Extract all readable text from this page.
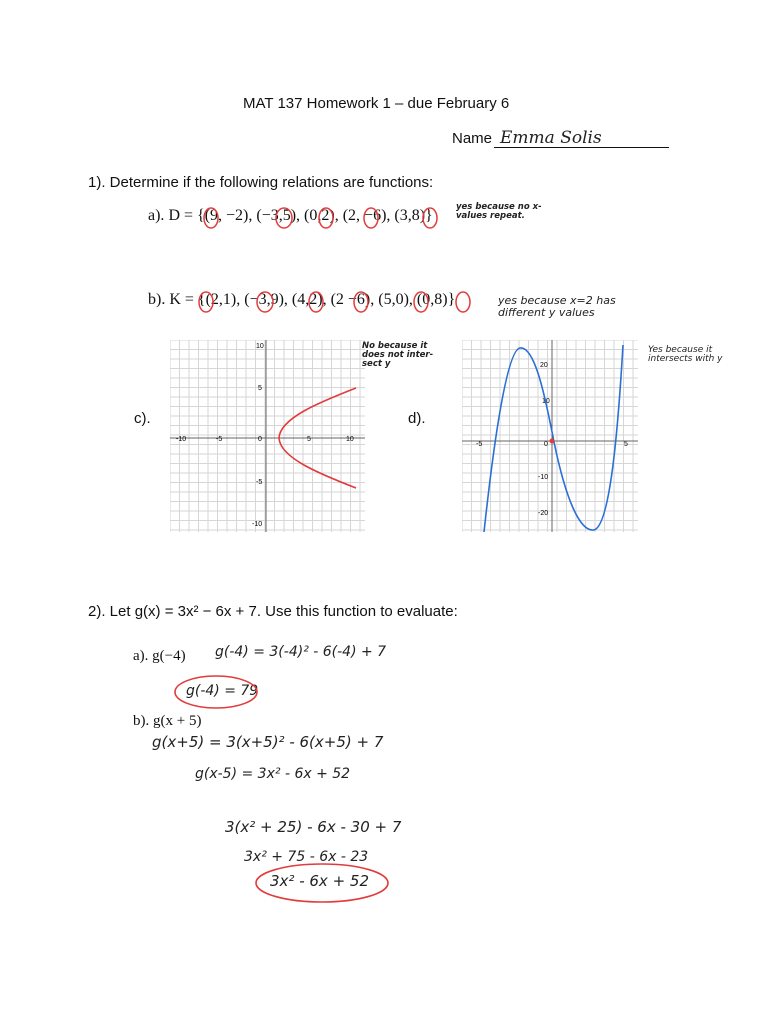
MAT 137 Homework 1 – due February 6
Name Emma Solis
1). Determine if the following relations are functions:
a). D = {(9, −2), (−3,5), (0,2), (2, −6), (3,8)}	yes because no x-values repeat.
b). K = {(2,1), (−3,9), (4,2), (2 −6), (5,0), (0,8)}	yes because x=2 has
different y values
c).
10
5
-5
-10
-10	-5	0	5	10
No because it does not inter- sect y
d).
20
10
-10
-20
-5	0	5
Yes because it intersects with y
2). Let g(x) = 3x² − 6x + 7. Use this function to evaluate:
a). g(−4) g(-4) = 3(-4)² - 6(-4) + 7
g(-4) = 79
b). g(x + 5)
g(x+5) = 3(x+5)² - 6(x+5) + 7
g(x-5) = 3x² - 6x + 52
3(x² + 25) - 6x - 30 + 7
3x² + 75 - 6x - 23
3x² - 6x + 52
